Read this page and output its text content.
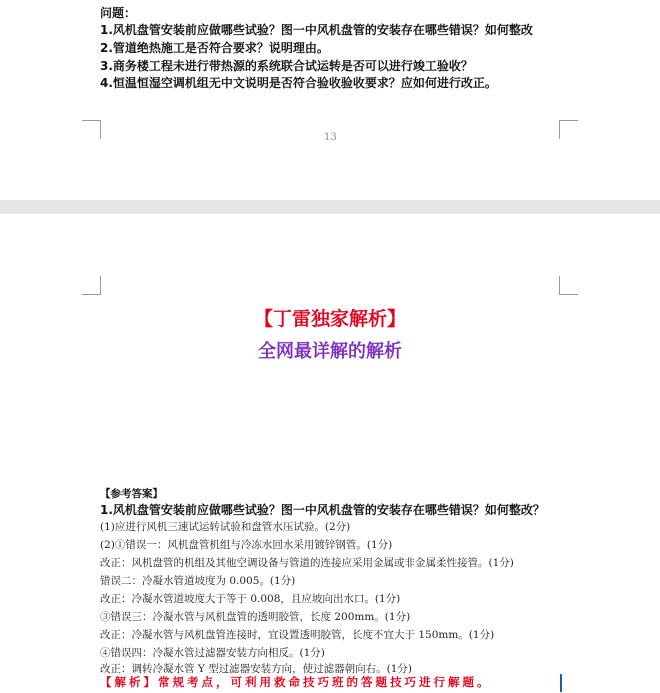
问题：
1.风机盘管安装前应做哪些试验？图一中风机盘管的安装存在哪些错误？如何整改
2.管道绝热施工是否符合要求？说明理由。
3.商务楼工程未进行带热源的系统联合试运转是否可以进行竣工验收？
4.恒温恒湿空调机组无中文说明是否符合验收验收要求？应如何进行改正。
13
【丁雷独家解析】
全网最详解的解析
【参考答案】
1.风机盘管安装前应做哪些试验？图一中风机盘管的安装存在哪些错误？如何整改？
(1)应进行风机三速试运转试验和盘管水压试验。(2分)
(2)①错误一：风机盘管机组与冷冻水回水采用镀锌钢管。(1分)
改正：风机盘管的机组及其他空调设备与管道的连接应采用金属或非金属柔性接管。(1分)
错误二：冷凝水管道坡度为 0.005。(1分)
改正：冷凝水管道坡度大于等于 0.008，且应坡向出水口。(1分)
③错误三：冷凝水管与风机盘管的透明胶管，长度 200mm。(1分)
改正：冷凝水管与风机盘管连接时，宜设置透明胶管，长度不宜大于 150mm。(1分)
④错误四：冷凝水管过滤器安装方向相反。(1分)
改正：调转冷凝水管 Y 型过滤器安装方向，使过滤器朝向右。(1分)
【解析】常规考点，可利用救命技巧班的答题技巧进行解题。
